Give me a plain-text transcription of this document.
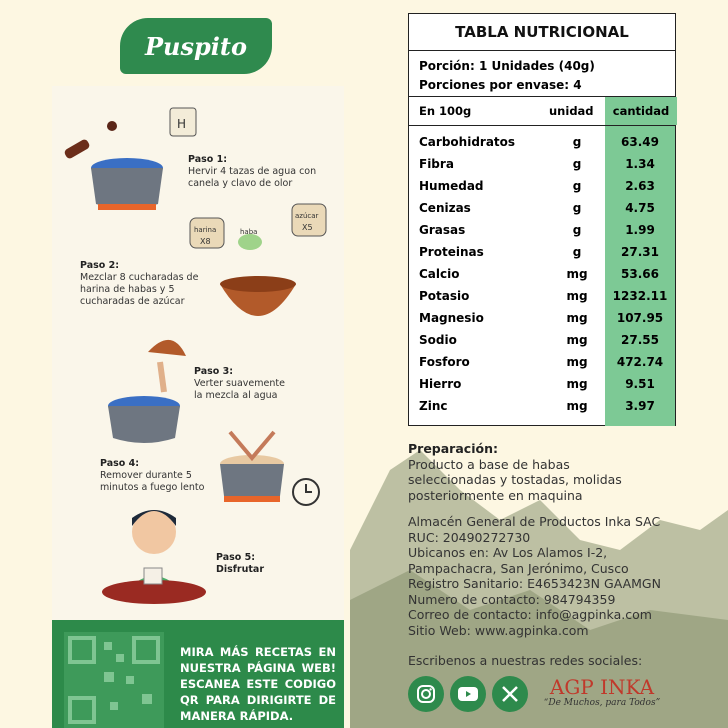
Puspito
H
harina
X8
haba
azúcar
X5
Paso 1:
Hervir 4 tazas de agua con canela y clavo de olor
Paso 2:
Mezclar 8 cucharadas de harina de habas y 5 cucharadas de azúcar
Paso 3:
Verter suavemente la mezcla al agua
Paso 4:
Remover durante 5 minutos a fuego lento
Paso 5:
Disfrutar
MIRA MÁS RECETAS EN NUESTRA PÁGINA WEB! ESCANEA ESTE CODIGO QR PARA DIRIGIRTE DE MANERA RÁPIDA.
TABLA NUTRICIONAL
Porción: 1 Unidades (40g)
Porciones por envase: 4
En 100g	unidad	cantidad
Carbohidratos	g	63.49
Fibra	g	1.34
Humedad	g	2.63
Cenizas	g	4.75
Grasas	g	1.99
Proteinas	g	27.31
Calcio	mg	53.66
Potasio	mg	1232.11
Magnesio	mg	107.95
Sodio	mg	27.55
Fosforo	mg	472.74
Hierro	mg	9.51
Zinc	mg	3.97
Preparación:
Producto a base de habas seleccionadas y tostadas, molidas posteriormente en maquina
Almacén General de Productos Inka SAC
RUC: 20490272730
Ubicanos en: Av Los Alamos I-2,
Pampachacra, San Jerónimo, Cusco
Registro Sanitario: E4653423N GAAMGN
Numero de contacto: 984794359
Correo de contacto: info@agpinka.com
Sitio Web: www.agpinka.com
Escribenos a nuestras redes sociales:
AGP INKA
“De Muchos, para Todos”
